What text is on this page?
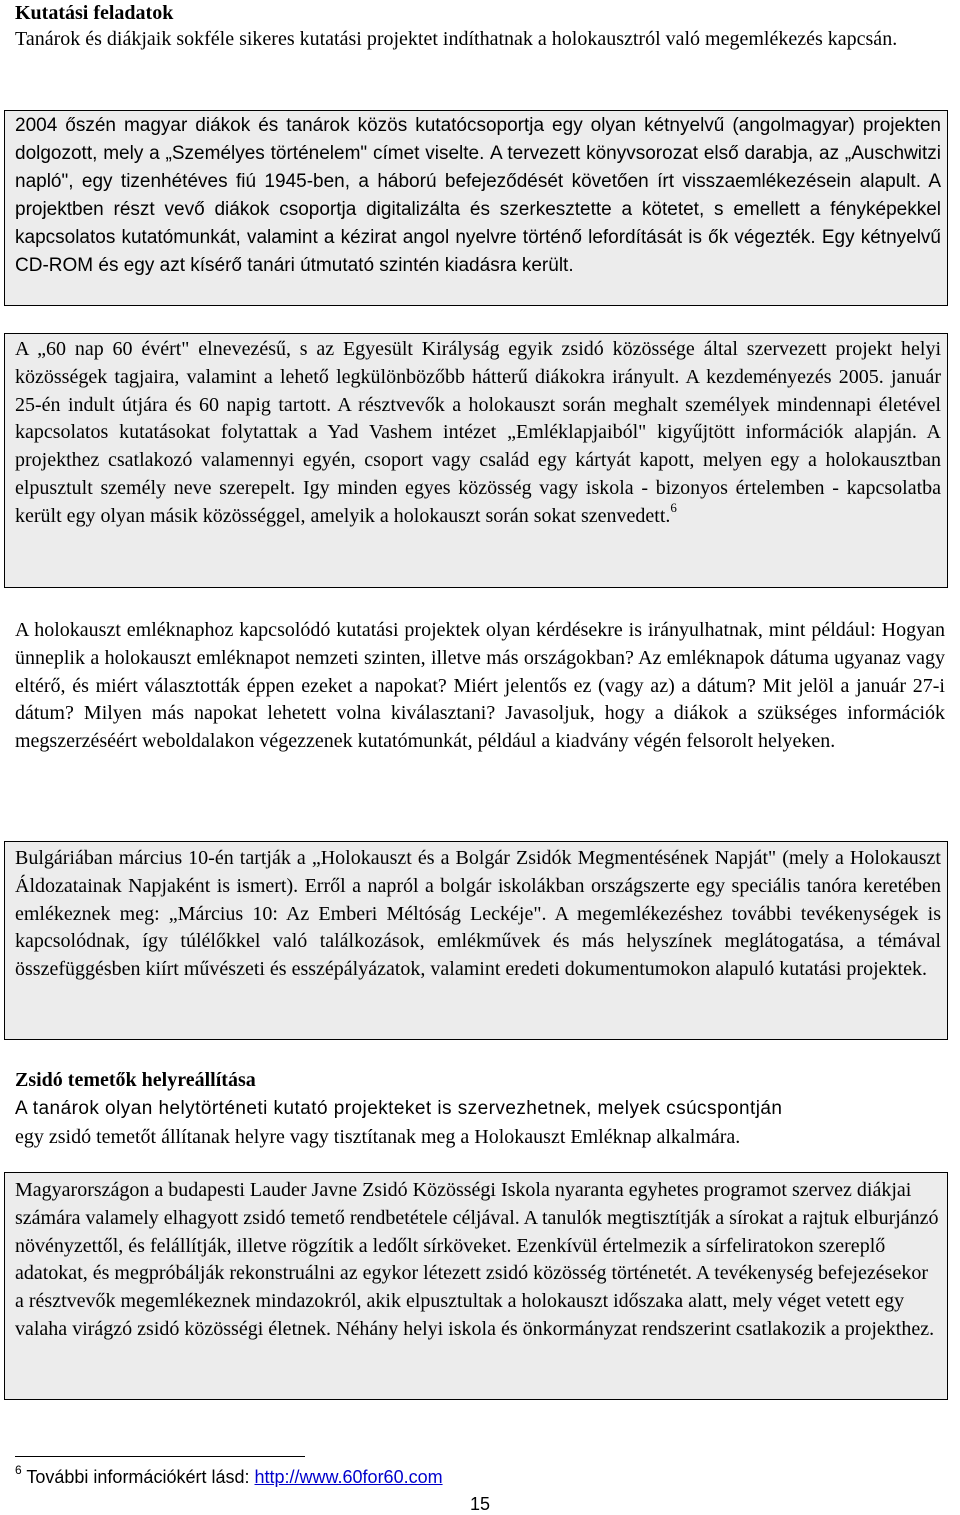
Kutatási feladatok

Tanárok és diákjaik sokféle sikeres kutatási projektet indíthatnak a holokausztról való megemlékezés kapcsán.

2004 őszén magyar diákok és tanárok közös kutatócsoportja egy olyan kétnyelvű (angolmagyar) projekten dolgozott, mely a „Személyes történelem" címet viselte. A tervezett könyvsorozat első darabja, az „Auschwitzi napló", egy tizenhétéves fiú 1945-ben, a háború befejeződését követően írt visszaemlékezésein alapult. A projektben részt vevő diákok csoportja digitalizálta és szerkesztette a kötetet, s emellett a fényképekkel kapcsolatos kutatómunkát, valamint a kézirat angol nyelvre történő lefordítását is ők végezték. Egy kétnyelvű CD-ROM és egy azt kísérő tanári útmutató szintén kiadásra került.

A „60 nap 60 évért" elnevezésű, s az Egyesült Királyság egyik zsidó közössége által szervezett projekt helyi közösségek tagjaira, valamint a lehető legkülönbözőbb hátterű diákokra irányult. A kezdeményezés 2005. január 25-én indult útjára és 60 napig tartott. A résztvevők a holokauszt során meghalt személyek mindennapi életével kapcsolatos kutatásokat folytattak a Yad Vashem intézet „Emléklapjaiból" kigyűjtött információk alapján. A projekthez csatlakozó valamennyi egyén, csoport vagy család egy kártyát kapott, melyen egy a holokausztban elpusztult személy neve szerepelt. Igy minden egyes közösség vagy iskola - bizonyos értelemben - kapcsolatba került egy olyan másik közösséggel, amelyik a holokauszt során sokat szenvedett.$^6$

A holokauszt emléknaphoz kapcsolódó kutatási projektek olyan kérdésekre is irányulhatnak, mint például: Hogyan ünneplik a holokauszt emléknapot nemzeti szinten, illetve más országokban? Az emléknapok dátuma ugyanaz vagy eltérő, és miért választották éppen ezeket a napokat? Miért jelentős ez (vagy az) a dátum? Mit jelöl a január 27-i dátum? Milyen más napokat lehetett volna kiválasztani? Javasoljuk, hogy a diákok a szükséges információk megszerzéséért weboldalakon végezzenek kutatómunkát, például a kiadvány végén felsorolt helyeken.

Bulgáriában március 10-én tartják a „Holokauszt és a Bolgár Zsidók Megmentésének Napját" (mely a Holokauszt Áldozatainak Napjaként is ismert). Erről a napról a bolgár iskolákban országszerte egy speciális tanóra keretében emlékeznek meg: „Március 10: Az Emberi Méltóság Leckéje". A megemlékezéshez további tevékenységek is kapcsolódnak, így túlélőkkel való találkozások, emlékművek és más helyszínek meglátogatása, a témával összefüggésben kiírt művészeti és esszépályázatok, valamint eredeti dokumentumokon alapuló kutatási projektek.

Zsidó temetők helyreállítása

A tanárok olyan helytörténeti kutató projekteket is szervezhetnek, melyek csúcspontján

egy zsidó temetőt állítanak helyre vagy tisztítanak meg a Holokauszt Emléknap alkalmára.

Magyarországon a budapesti Lauder Javne Zsidó Közösségi Iskola nyaranta egyhetes programot szervez diákjai számára valamely elhagyott zsidó temető rendbetétele céljával. A tanulók megtisztítják a sírokat a rajtuk elburjánzó növényzettől, és felállítják, illetve rögzítik a ledőlt sírköveket. Ezenkívül értelmezik a sírfeliratokon szereplő adatokat, és megpróbálják rekonstruálni az egykor létezett zsidó közösség történetét. A tevékenység befejezésekor a résztvevők megemlékeznek mindazokról, akik elpusztultak a holokauszt időszaka alatt, mely véget vetett egy valaha virágzó zsidó közösségi életnek. Néhány helyi iskola és önkormányzat rendszerint csatlakozik a projekthez.

$^6$ További információkért lásd: http://www.60for60.com
15
